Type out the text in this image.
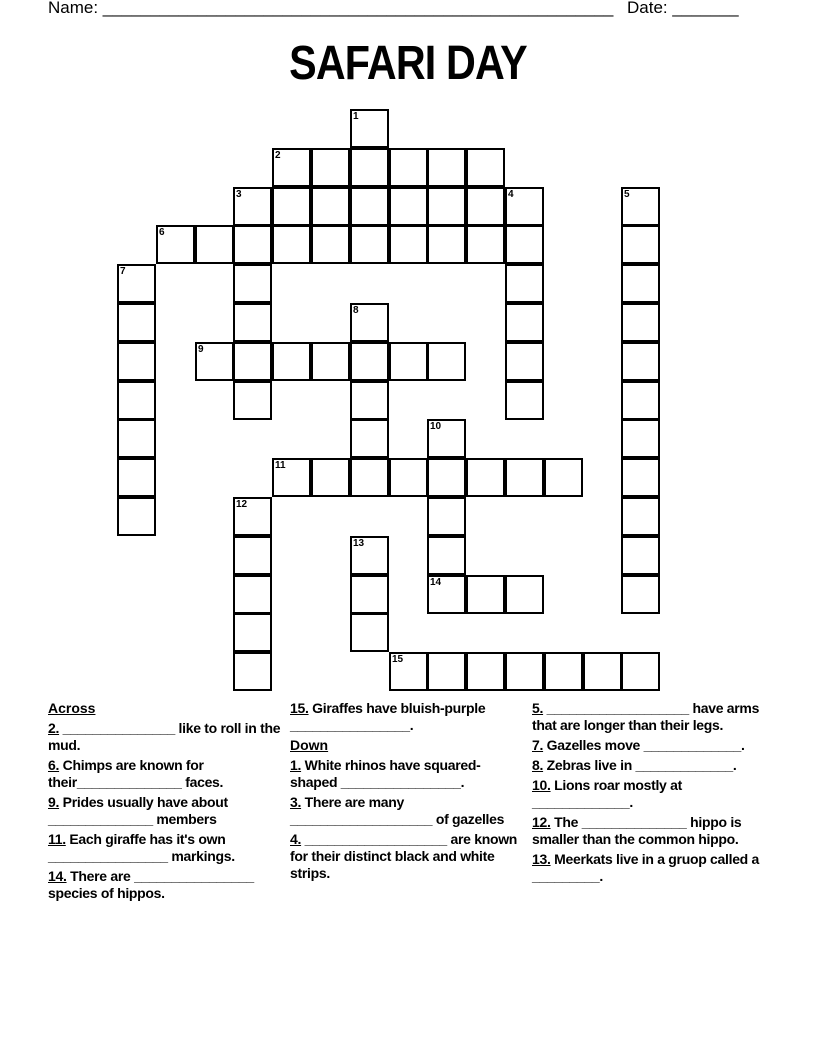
Name: ______________________________________________________ Date: _______
SAFARI DAY
2
3	4
6
9
11
14
15
1
5
7
8
10
12
13
Across
2. _______________ like to roll in the mud.
6. Chimps are known for their______________ faces.
9. Prides usually have about ______________ members
11. Each giraffe has it's own ________________ markings.
14. There are ________________ species of hippos.
15. Giraffes have bluish-purple ________________.
Down
1. White rhinos have squared-shaped ________________.
3. There are many ___________________ of gazelles
4. ___________________ are known for their distinct black and white strips.
5. ___________________ have arms that are longer than their legs.
7. Gazelles move _____________.
8. Zebras live in _____________.
10. Lions roar mostly at _____________.
12. The ______________ hippo is smaller than the common hippo.
13. Meerkats live in a gruop called a _________.
